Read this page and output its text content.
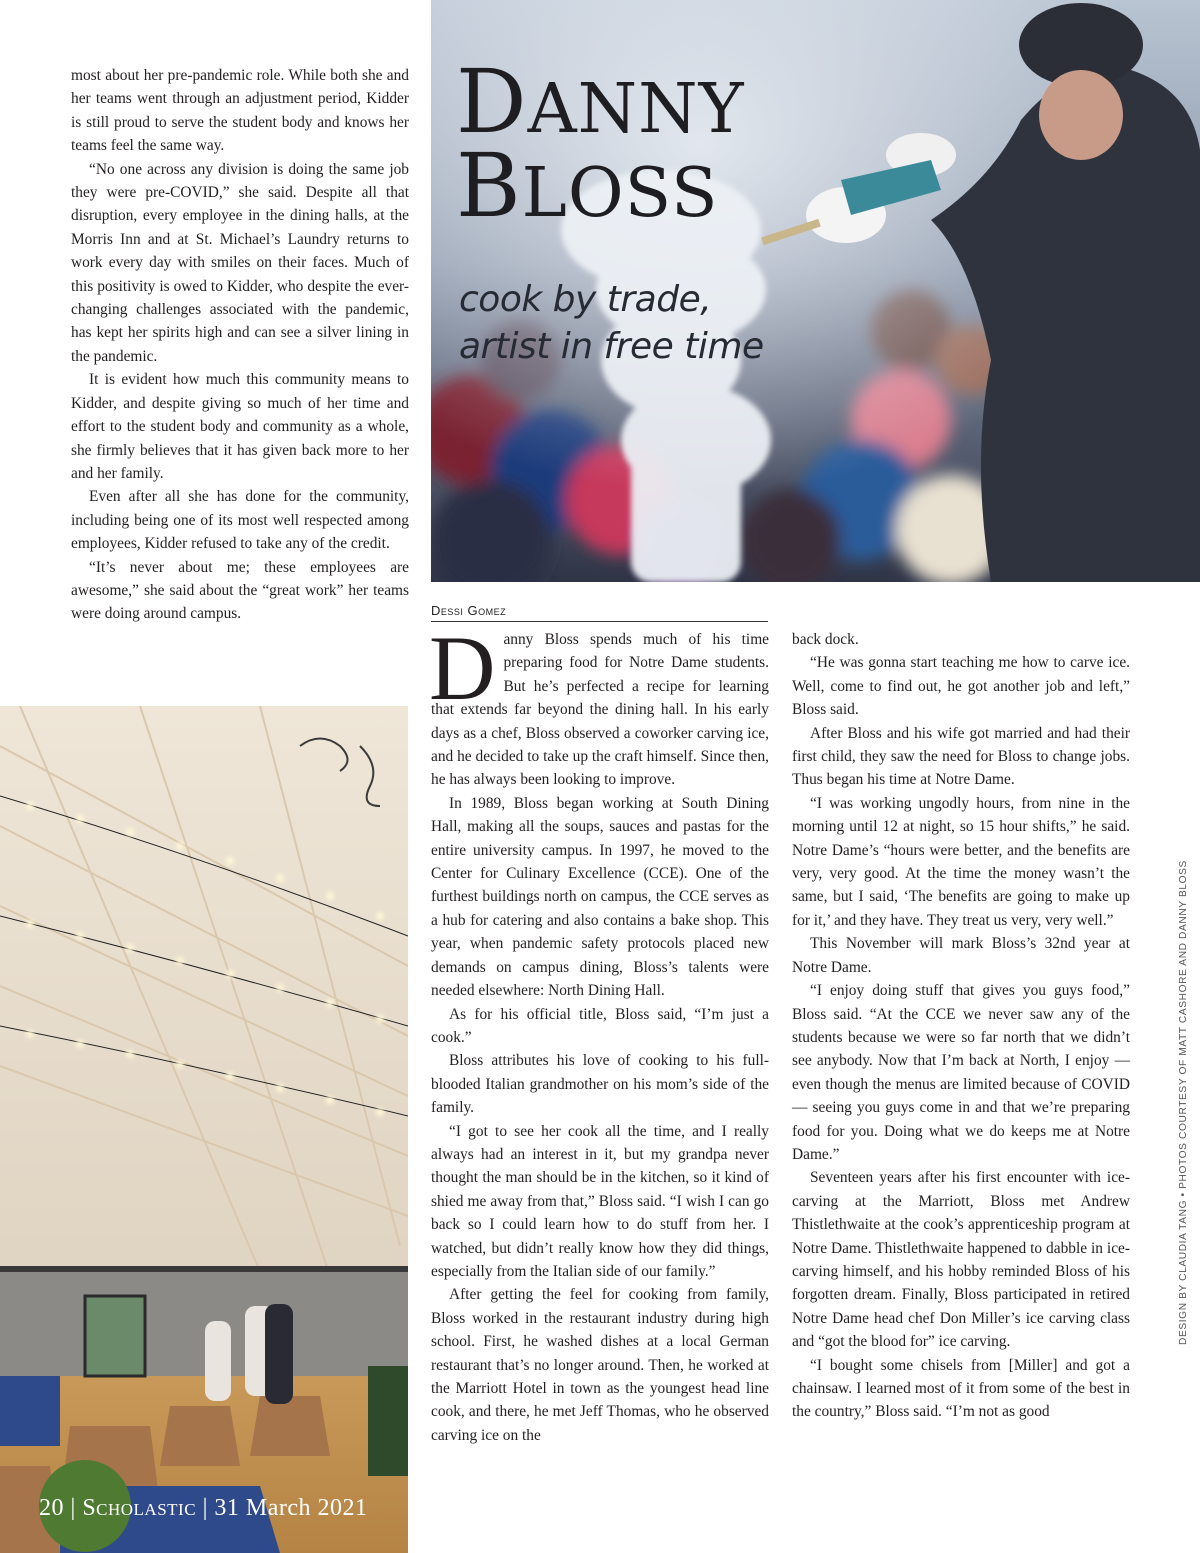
DANNY
BLOSS
cook by trade,
artist in free time

most about her pre-pandemic role. While both she and her teams went through an adjustment period, Kidder is still proud to serve the student body and knows her teams feel the same way.

“No one across any division is doing the same job they were pre-COVID,” she said. Despite all that disruption, every employee in the dining halls, at the Morris Inn and at St. Michael’s Laundry returns to work every day with smiles on their faces. Much of this positivity is owed to Kidder, who despite the ever-changing challenges associated with the pandemic, has kept her spirits high and can see a silver lining in the pandemic.

It is evident how much this community means to Kidder, and despite giving so much of her time and effort to the student body and community as a whole, she firmly believes that it has given back more to her and her family.

Even after all she has done for the community, including being one of its most well respected among employees, Kidder refused to take any of the credit.

“It’s never about me; these employees are awesome,” she said about the “great work” her teams were doing around campus.	Dessi Gomez

Danny Bloss spends much of his time preparing food for Notre Dame students. But he’s perfected a recipe for learning that extends far beyond the dining hall. In his early days as a chef, Bloss observed a coworker carving ice, and he decided to take up the craft himself. Since then, he has always been looking to improve.

In 1989, Bloss began working at South Dining Hall, making all the soups, sauces and pastas for the entire university campus. In 1997, he moved to the Center for Culinary Excellence (CCE). One of the furthest buildings north on campus, the CCE serves as a hub for catering and also contains a bake shop. This year, when pandemic safety protocols placed new demands on campus dining, Bloss’s talents were needed elsewhere: North Dining Hall.

As for his official title, Bloss said, “I’m just a cook.”

Bloss attributes his love of cooking to his full-blooded Italian grandmother on his mom’s side of the family.

“I got to see her cook all the time, and I really always had an interest in it, but my grandpa never thought the man should be in the kitchen, so it kind of shied me away from that,” Bloss said. “I wish I can go back so I could learn how to do stuff from her. I watched, but didn’t really know how they did things, especially from the Italian side of our family.”

After getting the feel for cooking from family, Bloss worked in the restaurant industry during high school. First, he washed dishes at a local German restaurant that’s no longer around. Then, he worked at the Marriott Hotel in town as the youngest head line cook, and there, he met Jeff Thomas, who he observed carving ice on the

back dock.

“He was gonna start teaching me how to carve ice. Well, come to find out, he got another job and left,” Bloss said.

After Bloss and his wife got married and had their first child, they saw the need for Bloss to change jobs. Thus began his time at Notre Dame.

“I was working ungodly hours, from nine in the morning until 12 at night, so 15 hour shifts,” he said. Notre Dame’s “hours were better, and the benefits are very, very good. At the time the money wasn’t the same, but I said, ‘The benefits are going to make up for it,’ and they have. They treat us very, very well.”

This November will mark Bloss’s 32nd year at Notre Dame.

“I enjoy doing stuff that gives you guys food,” Bloss said. “At the CCE we never saw any of the students because we were so far north that we didn’t see anybody. Now that I’m back at North, I enjoy — even though the menus are limited because of COVID — seeing you guys come in and that we’re preparing food for you. Doing what we do keeps me at Notre Dame.”

Seventeen years after his first encounter with ice-carving at the Marriott, Bloss met Andrew Thistlethwaite at the cook’s apprenticeship program at Notre Dame. Thistlethwaite happened to dabble in ice-carving himself, and his hobby reminded Bloss of his forgotten dream. Finally, Bloss participated in retired Notre Dame head chef Don Miller’s ice carving class and “got the blood for” ice carving.

“I bought some chisels from [Miller] and got a chainsaw. I learned most of it from some of the best in the country,” Bloss said. “I’m not as good

20 | Scholastic | 31 March 2021
DESIGN BY CLAUDIA TANG • PHOTOS COURTESY OF MATT CASHORE AND DANNY BLOSS
